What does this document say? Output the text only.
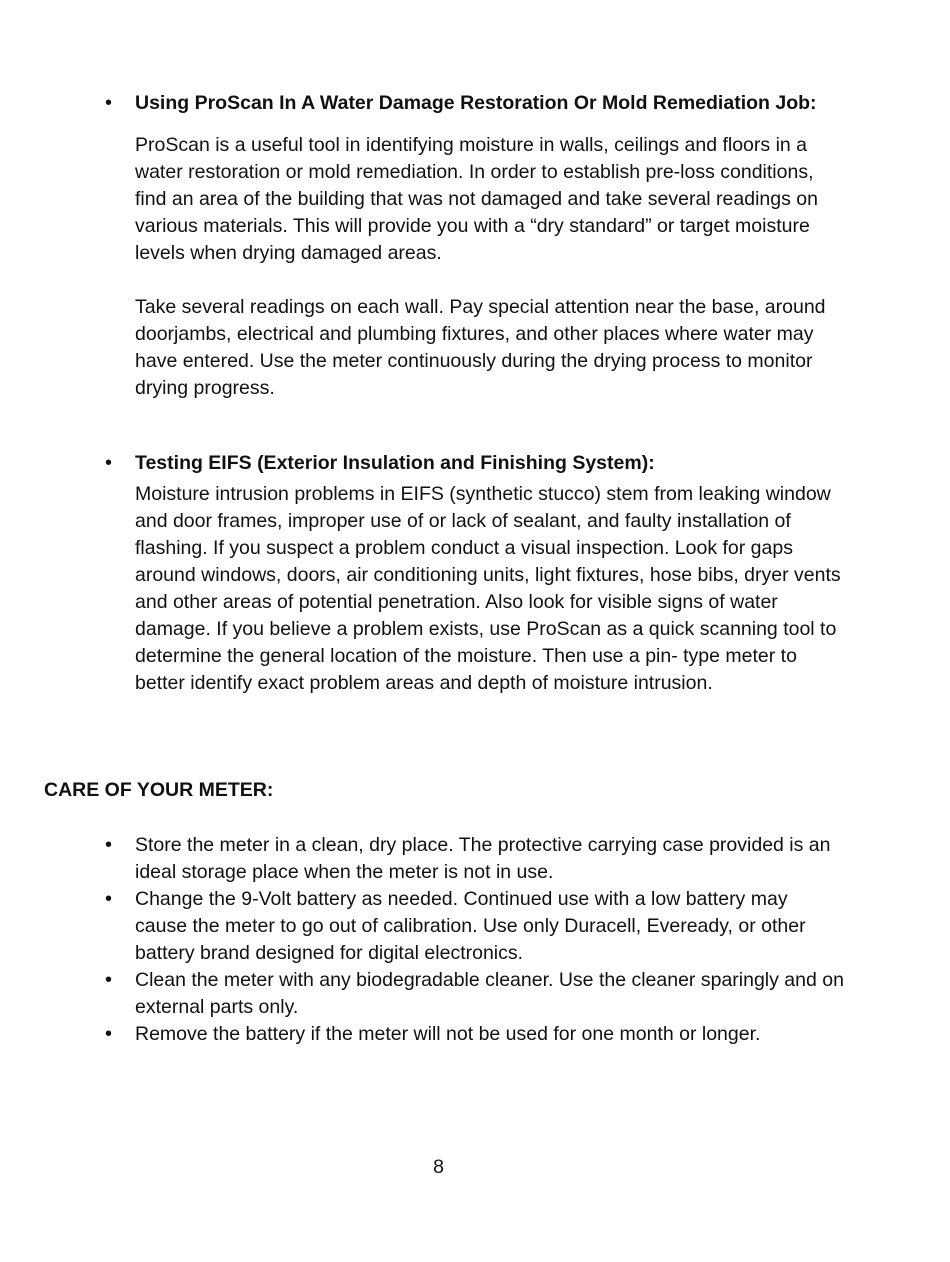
• Using ProScan In A Water Damage Restoration Or Mold Remediation Job:

ProScan is a useful tool in identifying moisture in walls, ceilings and floors in a water restoration or mold remediation. In order to establish pre-loss conditions, find an area of the building that was not damaged and take several readings on various materials. This will provide you with a “dry standard” or target moisture levels when drying damaged areas.

Take several readings on each wall. Pay special attention near the base, around doorjambs, electrical and plumbing fixtures, and other places where water may have entered. Use the meter continuously during the drying process to monitor drying progress.

• Testing EIFS (Exterior Insulation and Finishing System):

Moisture intrusion problems in EIFS (synthetic stucco) stem from leaking window and door frames, improper use of or lack of sealant, and faulty installation of flashing. If you suspect a problem conduct a visual inspection. Look for gaps around windows, doors, air conditioning units, light fixtures, hose bibs, dryer vents and other areas of potential penetration. Also look for visible signs of water damage. If you believe a problem exists, use ProScan as a quick scanning tool to determine the general location of the moisture. Then use a pin- type meter to better identify exact problem areas and depth of moisture intrusion.

CARE OF YOUR METER:

• Store the meter in a clean, dry place. The protective carrying case provided is an ideal storage place when the meter is not in use.
• Change the 9-Volt battery as needed. Continued use with a low battery may cause the meter to go out of calibration. Use only Duracell, Eveready, or other battery brand designed for digital electronics.
• Clean the meter with any biodegradable cleaner. Use the cleaner sparingly and on external parts only.
• Remove the battery if the meter will not be used for one month or longer.
8
